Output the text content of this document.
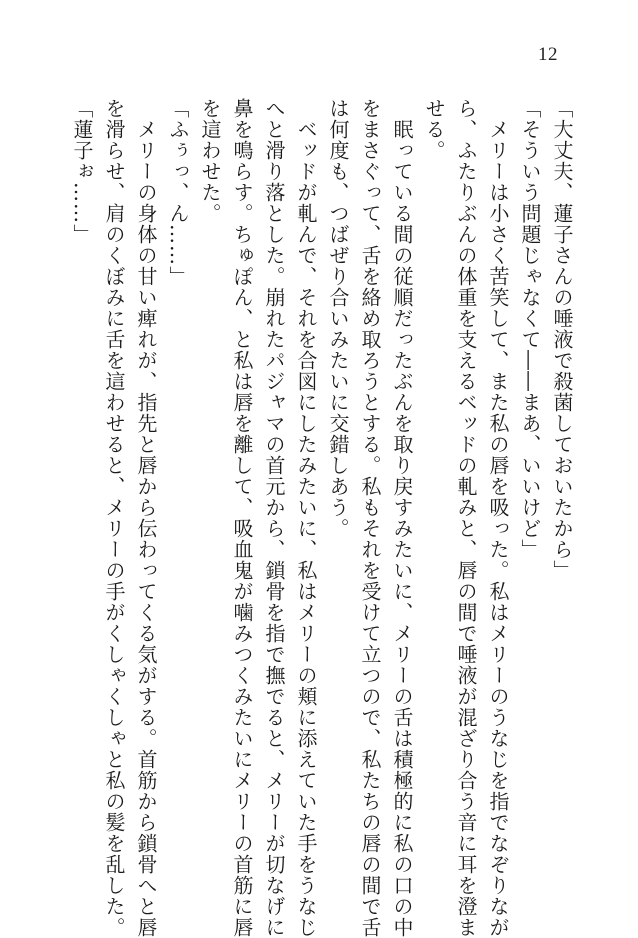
12

「大丈夫、蓮子さんの唾液で殺菌しておいたから」

「そういう問題じゃなくて――まあ、いいけど」

　メリーは小さく苦笑して、また私の唇を吸った。私はメリーのうなじを指でなぞりなが

ら、ふたりぶんの体重を支えるベッドの軋みと、唇の間で唾液が混ざり合う音に耳を澄ま

せる。

　眠っている間の従順だったぶんを取り戻すみたいに、メリーの舌は積極的に私の口の中

をまさぐって、舌を絡め取ろうとする。私もそれを受けて立つので、私たちの唇の間で舌

は何度も、つばぜり合いみたいに交錯しあう。

　ベッドが軋んで、それを合図にしたみたいに、私はメリーの頬に添えていた手をうなじ

へと滑り落とした。崩れたパジャマの首元から、鎖骨を指で撫でると、メリーが切なげに

鼻を鳴らす。ちゅぽん、と私は唇を離して、吸血鬼が噛みつくみたいにメリーの首筋に唇

を這わせた。

「ふぅっ、ん……」

　メリーの身体の甘い痺れが、指先と唇から伝わってくる気がする。首筋から鎖骨へと唇

を滑らせ、肩のくぼみに舌を這わせると、メリーの手がくしゃくしゃと私の髪を乱した。

「蓮子ぉ……」
